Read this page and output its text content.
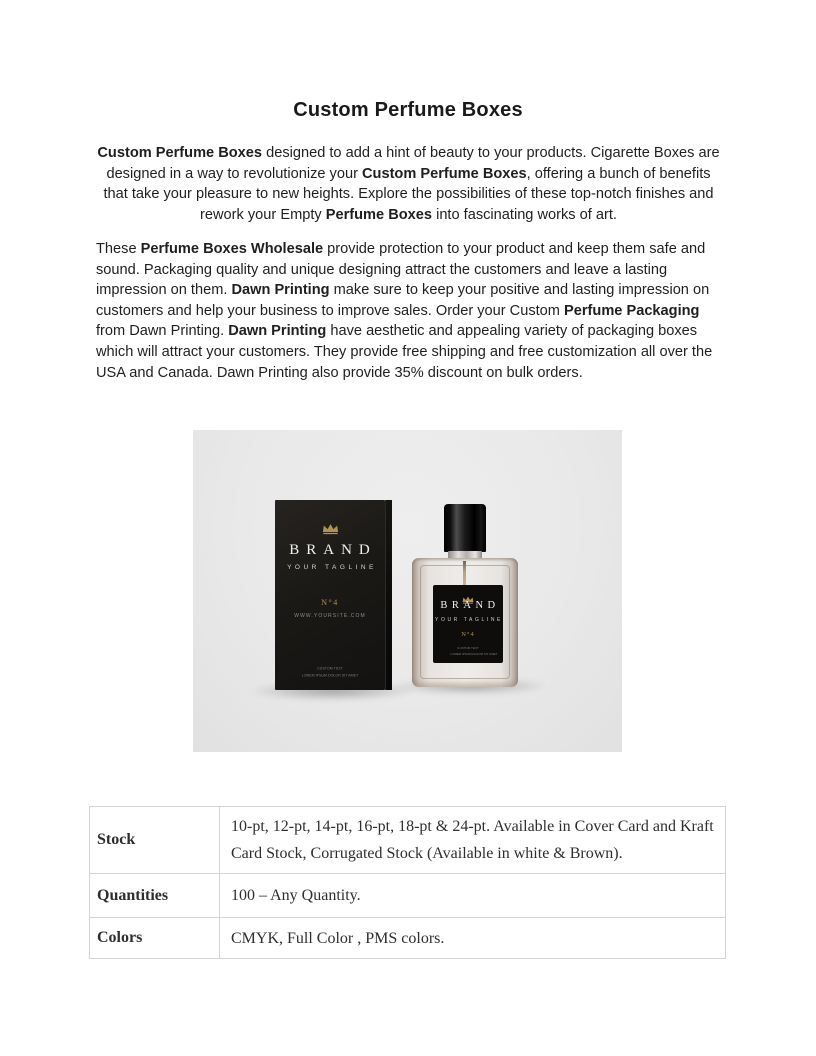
Custom Perfume Boxes

Custom Perfume Boxes designed to add a hint of beauty to your products. Cigarette Boxes are designed in a way to revolutionize your Custom Perfume Boxes, offering a bunch of benefits that take your pleasure to new heights. Explore the possibilities of these top-notch finishes and rework your Empty Perfume Boxes into fascinating works of art.

These Perfume Boxes Wholesale provide protection to your product and keep them safe and sound. Packaging quality and unique designing attract the customers and leave a lasting impression on them. Dawn Printing make sure to keep your positive and lasting impression on customers and help your business to improve sales. Order your Custom Perfume Packaging from Dawn Printing. Dawn Printing have aesthetic and appealing variety of packaging boxes which will attract your customers. They provide free shipping and free customization all over the USA and Canada. Dawn Printing also provide 35% discount on bulk orders.

BRAND
YOUR TAGLINE
N°4
WWW.YOURSITE.COM
CUSTOM TEXT
LOREM IPSUM DOLOR SIT AMET
BRAND
YOUR TAGLINE
N°4
CUSTOM TEXT
LOREM IPSUM DOLOR SIT AMET
Stock	10-pt, 12-pt, 14-pt, 16-pt, 18-pt & 24-pt. Available in Cover Card and Kraft Card Stock, Corrugated Stock (Available in white & Brown).
Quantities	100 – Any Quantity.
Colors	CMYK, Full Color , PMS colors.
